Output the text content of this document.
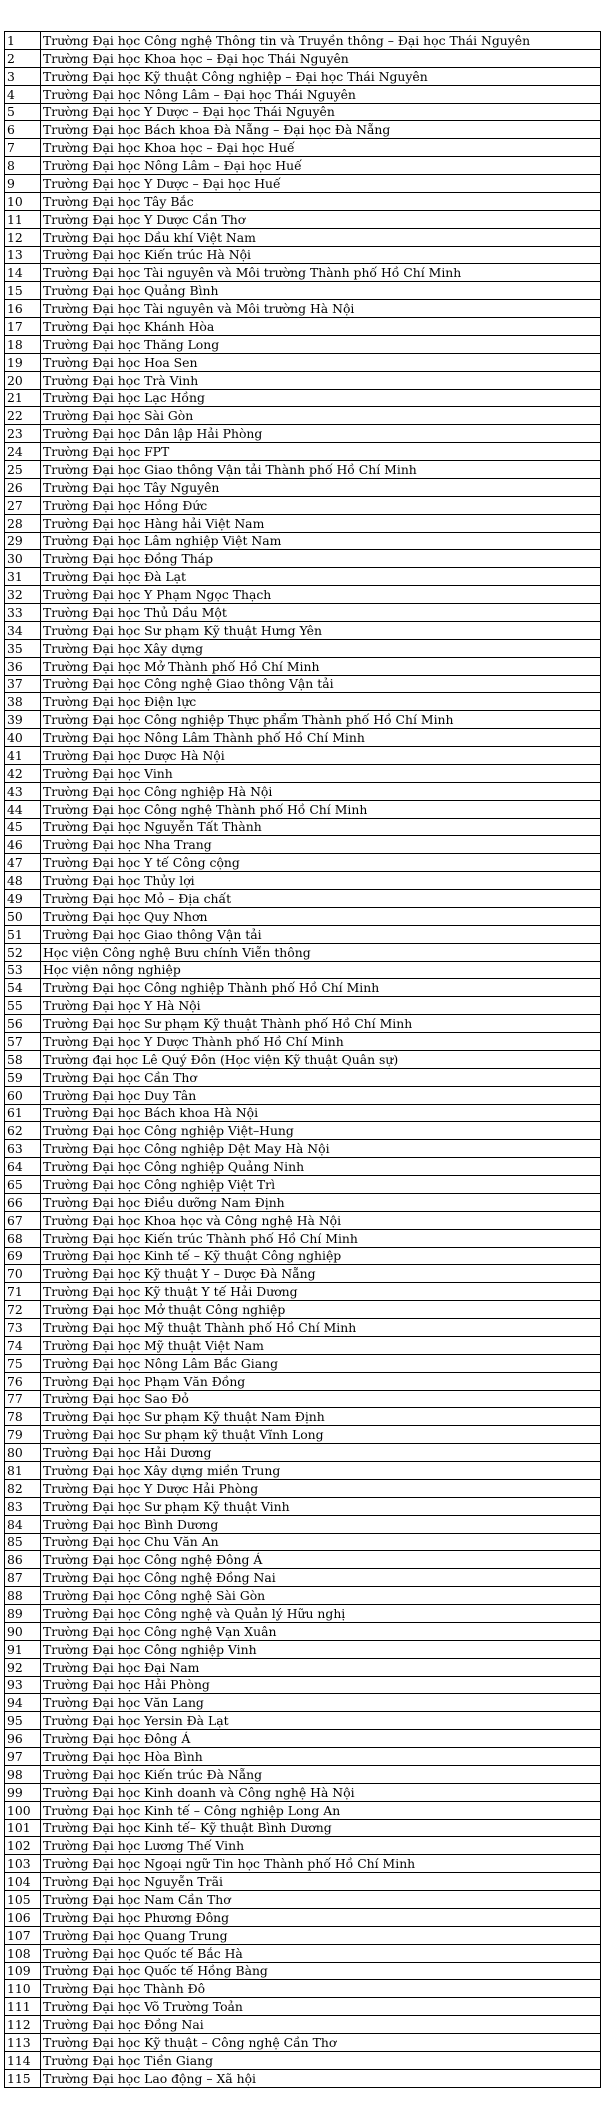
1	Trường Đại học Công nghệ Thông tin và Truyền thông – Đại học Thái Nguyên
2	Trường Đại học Khoa học – Đại học Thái Nguyên
3	Trường Đại học Kỹ thuật Công nghiệp – Đại học Thái Nguyên
4	Trường Đại học Nông Lâm – Đại học Thái Nguyên
5	Trường Đại học Y Dược – Đại học Thái Nguyên
6	Trường Đại học Bách khoa Đà Nẵng – Đại học Đà Nẵng
7	Trường Đại học Khoa học – Đại học Huế
8	Trường Đại học Nông Lâm – Đại học Huế
9	Trường Đại học Y Dược – Đại học Huế
10	Trường Đại học Tây Bắc
11	Trường Đại học Y Dược Cần Thơ
12	Trường Đại học Dầu khí Việt Nam
13	Trường Đại học Kiến trúc Hà Nội
14	Trường Đại học Tài nguyên và Môi trường Thành phố Hồ Chí Minh
15	Trường Đại học Quảng Bình
16	Trường Đại học Tài nguyên và Môi trường Hà Nội
17	Trường Đại học Khánh Hòa
18	Trường Đại học Thăng Long
19	Trường Đại học Hoa Sen
20	Trường Đại học Trà Vinh
21	Trường Đại học Lạc Hồng
22	Trường Đại học Sài Gòn
23	Trường Đại học Dân lập Hải Phòng
24	Trường Đại học FPT
25	Trường Đại học Giao thông Vận tải Thành phố Hồ Chí Minh
26	Trường Đại học Tây Nguyên
27	Trường Đại học Hồng Đức
28	Trường Đại học Hàng hải Việt Nam
29	Trường Đại học Lâm nghiệp Việt Nam
30	Trường Đại học Đồng Tháp
31	Trường Đại học Đà Lạt
32	Trường Đại học Y Phạm Ngọc Thạch
33	Trường Đại học Thủ Dầu Một
34	Trường Đại học Sư phạm Kỹ thuật Hưng Yên
35	Trường Đại học Xây dựng
36	Trường Đại học Mở Thành phố Hồ Chí Minh
37	Trường Đại học Công nghệ Giao thông Vận tải
38	Trường Đại học Điện lực
39	Trường Đại học Công nghiệp Thực phẩm Thành phố Hồ Chí Minh
40	Trường Đại học Nông Lâm Thành phố Hồ Chí Minh
41	Trường Đại học Dược Hà Nội
42	Trường Đại học Vinh
43	Trường Đại học Công nghiệp Hà Nội
44	Trường Đại học Công nghệ Thành phố Hồ Chí Minh
45	Trường Đại học Nguyễn Tất Thành
46	Trường Đại học Nha Trang
47	Trường Đại học Y tế Công cộng
48	Trường Đại học Thủy lợi
49	Trường Đại học Mỏ – Địa chất
50	Trường Đại học Quy Nhơn
51	Trường Đại học Giao thông Vận tải
52	Học viện Công nghệ Bưu chính Viễn thông
53	Học viện nông nghiệp
54	Trường Đại học Công nghiệp Thành phố Hồ Chí Minh
55	Trường Đại học Y Hà Nội
56	Trường Đại học Sư phạm Kỹ thuật Thành phố Hồ Chí Minh
57	Trường Đại học Y Dược Thành phố Hồ Chí Minh
58	Trường đại học Lê Quý Đôn (Học viện Kỹ thuật Quân sự)
59	Trường Đại học Cần Thơ
60	Trường Đại học Duy Tân
61	Trường Đại học Bách khoa Hà Nội
62	Trường Đại học Công nghiệp Việt–Hung
63	Trường Đại học Công nghiệp Dệt May Hà Nội
64	Trường Đại học Công nghiệp Quảng Ninh
65	Trường Đại học Công nghiệp Việt Trì
66	Trường Đại học Điều dưỡng Nam Định
67	Trường Đại học Khoa học và Công nghệ Hà Nội
68	Trường Đại học Kiến trúc Thành phố Hồ Chí Minh
69	Trường Đại học Kinh tế – Kỹ thuật Công nghiệp
70	Trường Đại học Kỹ thuật Y – Dược Đà Nẵng
71	Trường Đại học Kỹ thuật Y tế Hải Dương
72	Trường Đại học Mở thuật Công nghiệp
73	Trường Đại học Mỹ thuật Thành phố Hồ Chí Minh
74	Trường Đại học Mỹ thuật Việt Nam
75	Trường Đại học Nông Lâm Bắc Giang
76	Trường Đại học Phạm Văn Đồng
77	Trường Đại học Sao Đỏ
78	Trường Đại học Sư phạm Kỹ thuật Nam Định
79	Trường Đại học Sư phạm kỹ thuật Vĩnh Long
80	Trường Đại học Hải Dương
81	Trường Đại học Xây dựng miền Trung
82	Trường Đại học Y Dược Hải Phòng
83	Trường Đại học Sư phạm Kỹ thuật Vinh
84	Trường Đại học Bình Dương
85	Trường Đại học Chu Văn An
86	Trường Đại học Công nghệ Đông Á
87	Trường Đại học Công nghệ Đồng Nai
88	Trường Đại học Công nghệ Sài Gòn
89	Trường Đại học Công nghệ và Quản lý Hữu nghị
90	Trường Đại học Công nghệ Vạn Xuân
91	Trường Đại học Công nghiệp Vinh
92	Trường Đại học Đại Nam
93	Trường Đại học Hải Phòng
94	Trường Đại học Văn Lang
95	Trường Đại học Yersin Đà Lạt
96	Trường Đại học Đông Á
97	Trường Đại học Hòa Bình
98	Trường Đại học Kiến trúc Đà Nẵng
99	Trường Đại học Kinh doanh và Công nghệ Hà Nội
100	Trường Đại học Kinh tế – Công nghiệp Long An
101	Trường Đại học Kinh tế– Kỹ thuật Bình Dương
102	Trường Đại học Lương Thế Vinh
103	Trường Đại học Ngoại ngữ Tin học Thành phố Hồ Chí Minh
104	Trường Đại học Nguyễn Trãi
105	Trường Đại học Nam Cần Thơ
106	Trường Đại học Phương Đông
107	Trường Đại học Quang Trung
108	Trường Đại học Quốc tế Bắc Hà
109	Trường Đại học Quốc tế Hồng Bàng
110	Trường Đại học Thành Đô
111	Trường Đại học Võ Trường Toản
112	Trường Đại học Đồng Nai
113	Trường Đại học Kỹ thuật – Công nghệ Cần Thơ
114	Trường Đại học Tiền Giang
115	Trường Đại học Lao động – Xã hội
